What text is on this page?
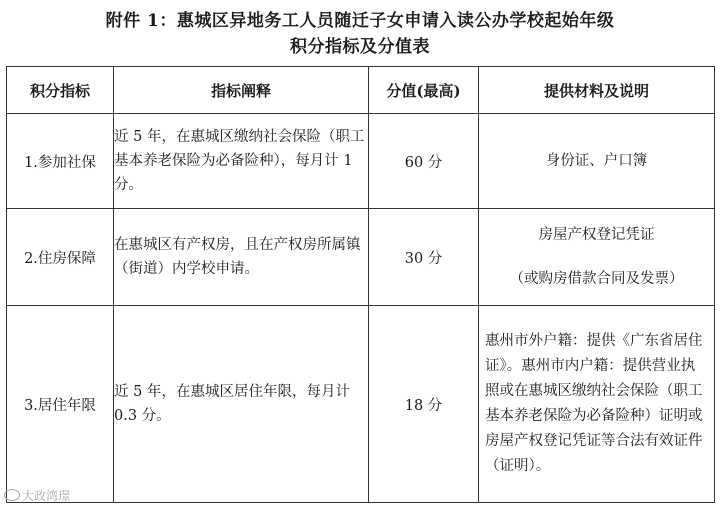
附件 1：惠城区异地务工人员随迁子女申请入读公办学校起始年级
积分指标及分值表
积分指标	指标阐释	分值(最高)	提供材料及说明
1.参加社保	近 5 年，在惠城区缴纳社会保险（职工基本养老保险为必备险种），每月计 1 分。	60 分	身份证、户口簿

2.住房保障	在惠城区有产权房，且在产权房所属镇（街道）内学校申请。	30 分	房屋产权登记凭证
（或购房借款合同及发票）

3.居住年限	近 5 年，在惠城区居住年限，每月计 0.3 分。	18 分	惠州市外户籍：提供《广东省居住证》。惠州市内户籍：提供营业执照或在惠城区缴纳社会保险（职工基本养老保险为必备险种）证明或房屋产权登记凭证等合法有效证件（证明）。
大政湾璟
